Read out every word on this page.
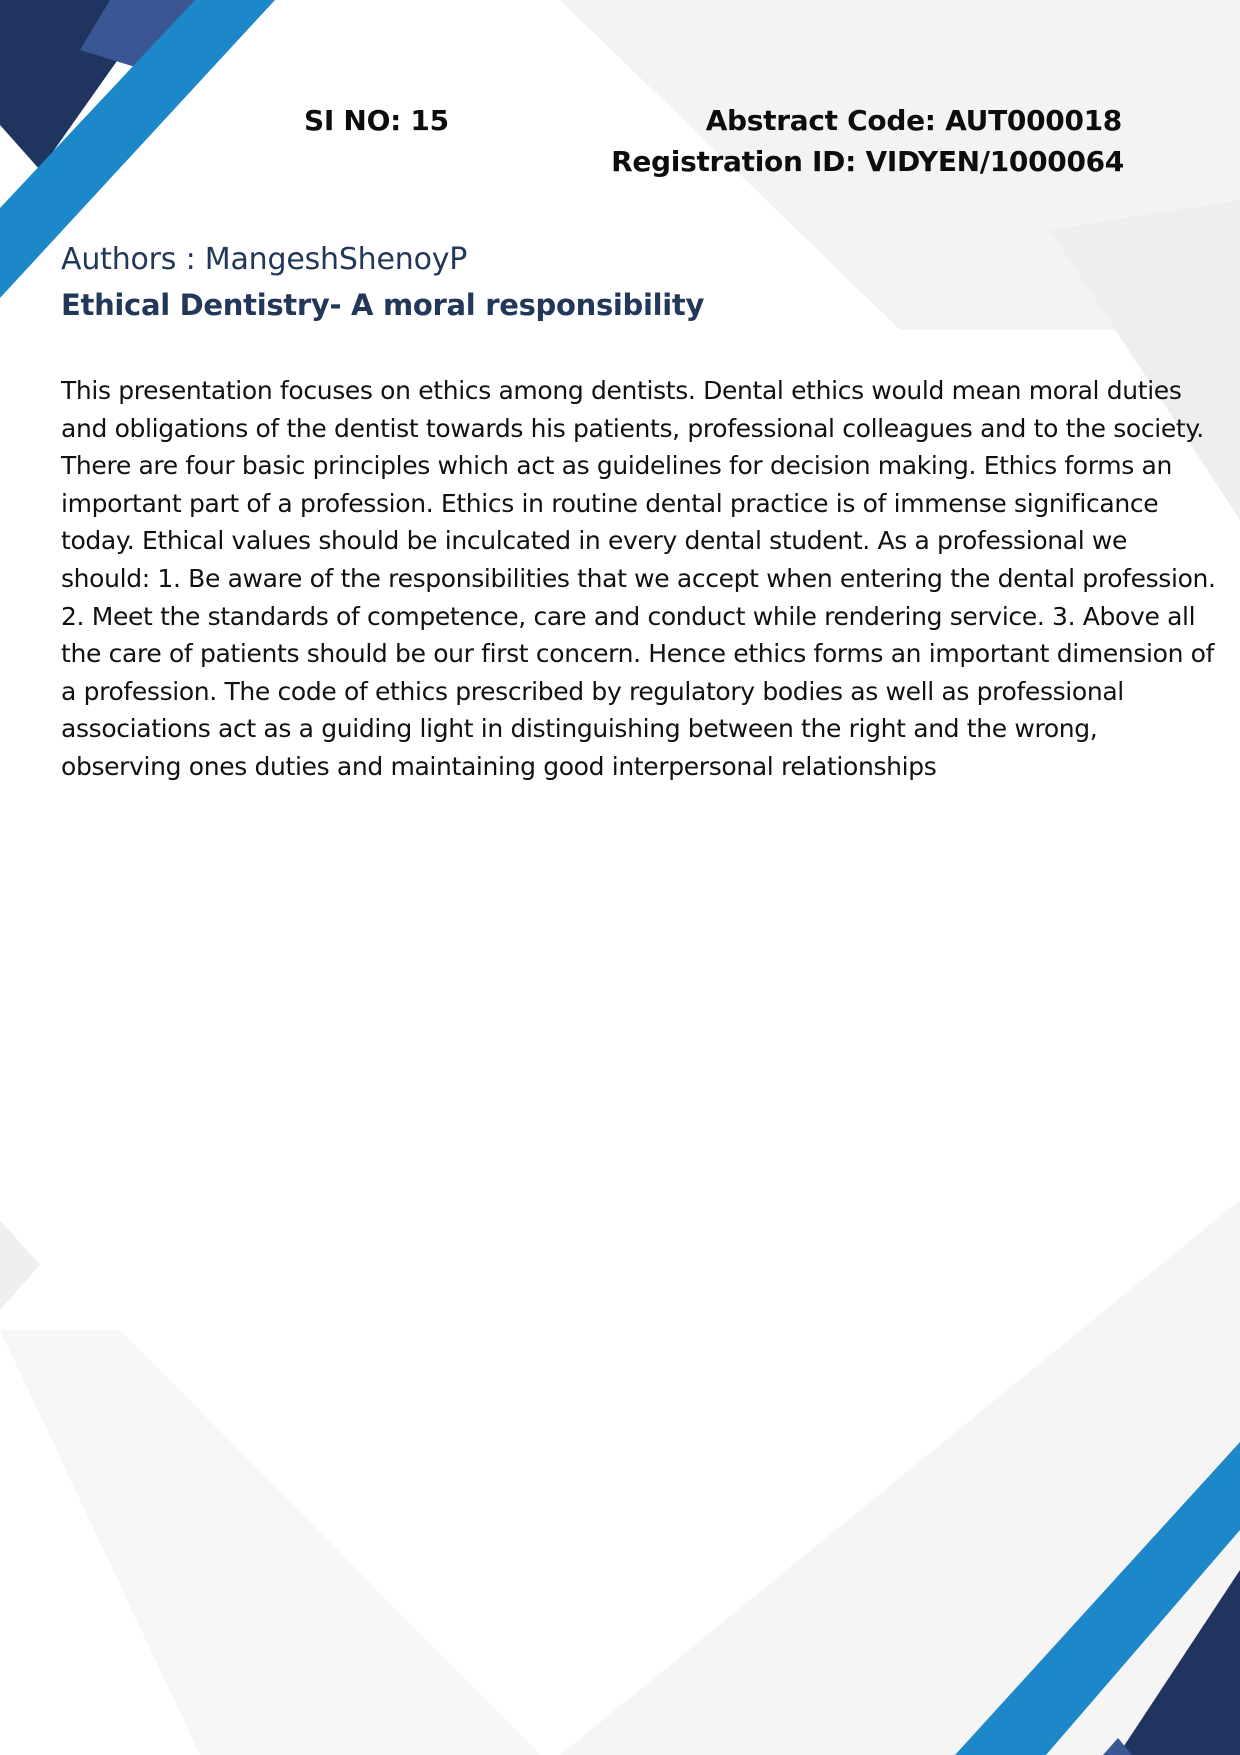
SI NO: 15	Abstract Code: AUT000018
Registration ID: VIDYEN/1000064
Authors : MangeshShenoyP
Ethical Dentistry- A moral responsibility

This presentation focuses on ethics among dentists. Dental ethics would mean moral duties and obligations of the dentist towards his patients, professional colleagues and to the society. There are four basic principles which act as guidelines for decision making. Ethics forms an important part of a profession. Ethics in routine dental practice is of immense significance today. Ethical values should be inculcated in every dental student. As a professional we should: 1. Be aware of the responsibilities that we accept when entering the dental profession. 2. Meet the standards of competence, care and conduct while rendering service. 3. Above all the care of patients should be our first concern. Hence ethics forms an important dimension of a profession. The code of ethics prescribed by regulatory bodies as well as professional associations act as a guiding light in distinguishing between the right and the wrong, observing ones duties and maintaining good interpersonal relationships
